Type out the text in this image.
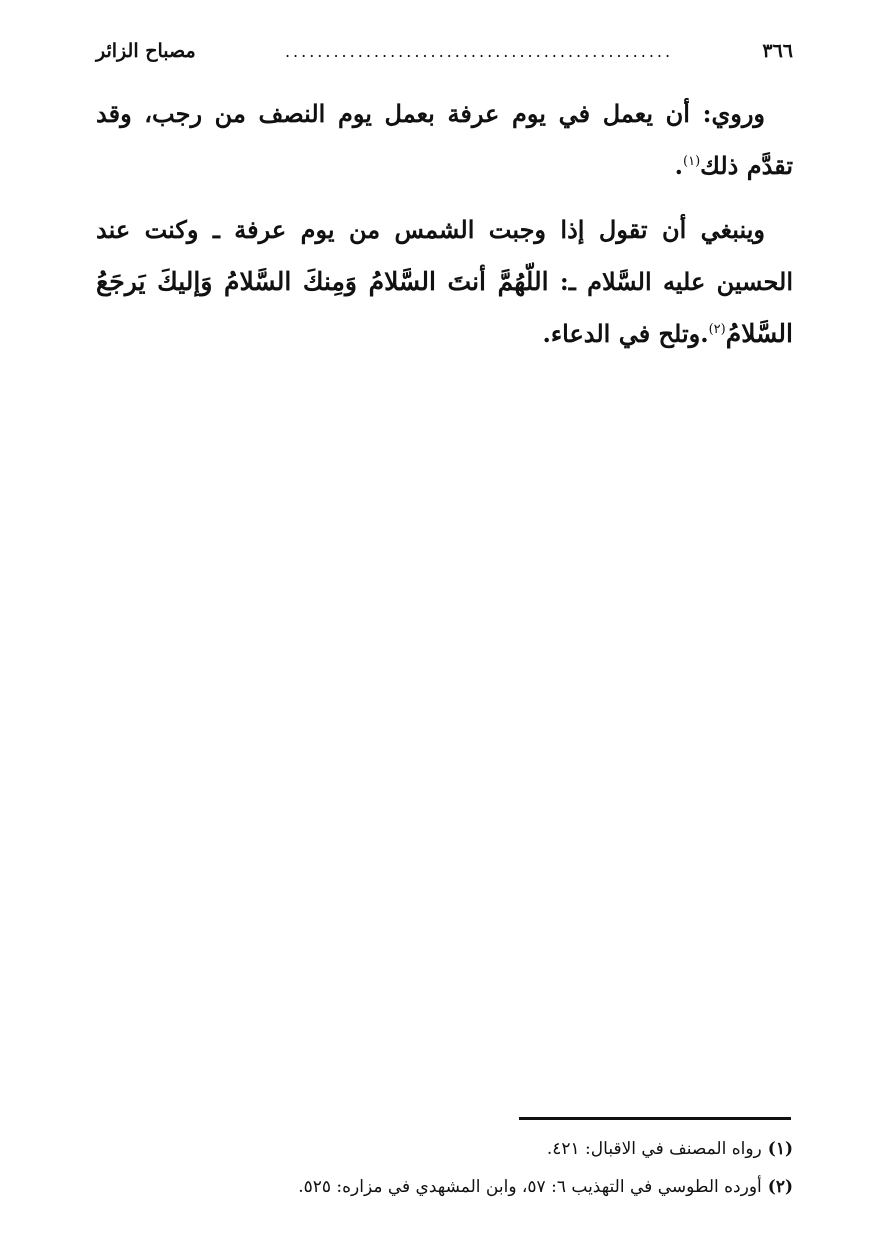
٣٦٦
................................................
مصباح الزائر

وروي: أن يعمل في يوم عرفة بعمل يوم النصف من رجب، وقد تقدَّم ذلك$^{(١)}$.

وينبغي أن تقول إذا وجبت الشمس من يوم عرفة ـ وكنت عند الحسين عليه السَّلام ـ: اللّهُمَّ أنتَ السَّلامُ وَمِنكَ السَّلامُ وَإليكَ يَرجَعُ السَّلامُ$^{(٢)}$.وتلح في الدعاء.

(١)رواه المصنف في الاقبال: ٤٢١.
(٢)أورده الطوسي في التهذيب ٦: ٥٧، وابن المشهدي في مزاره: ٥٢٥.
